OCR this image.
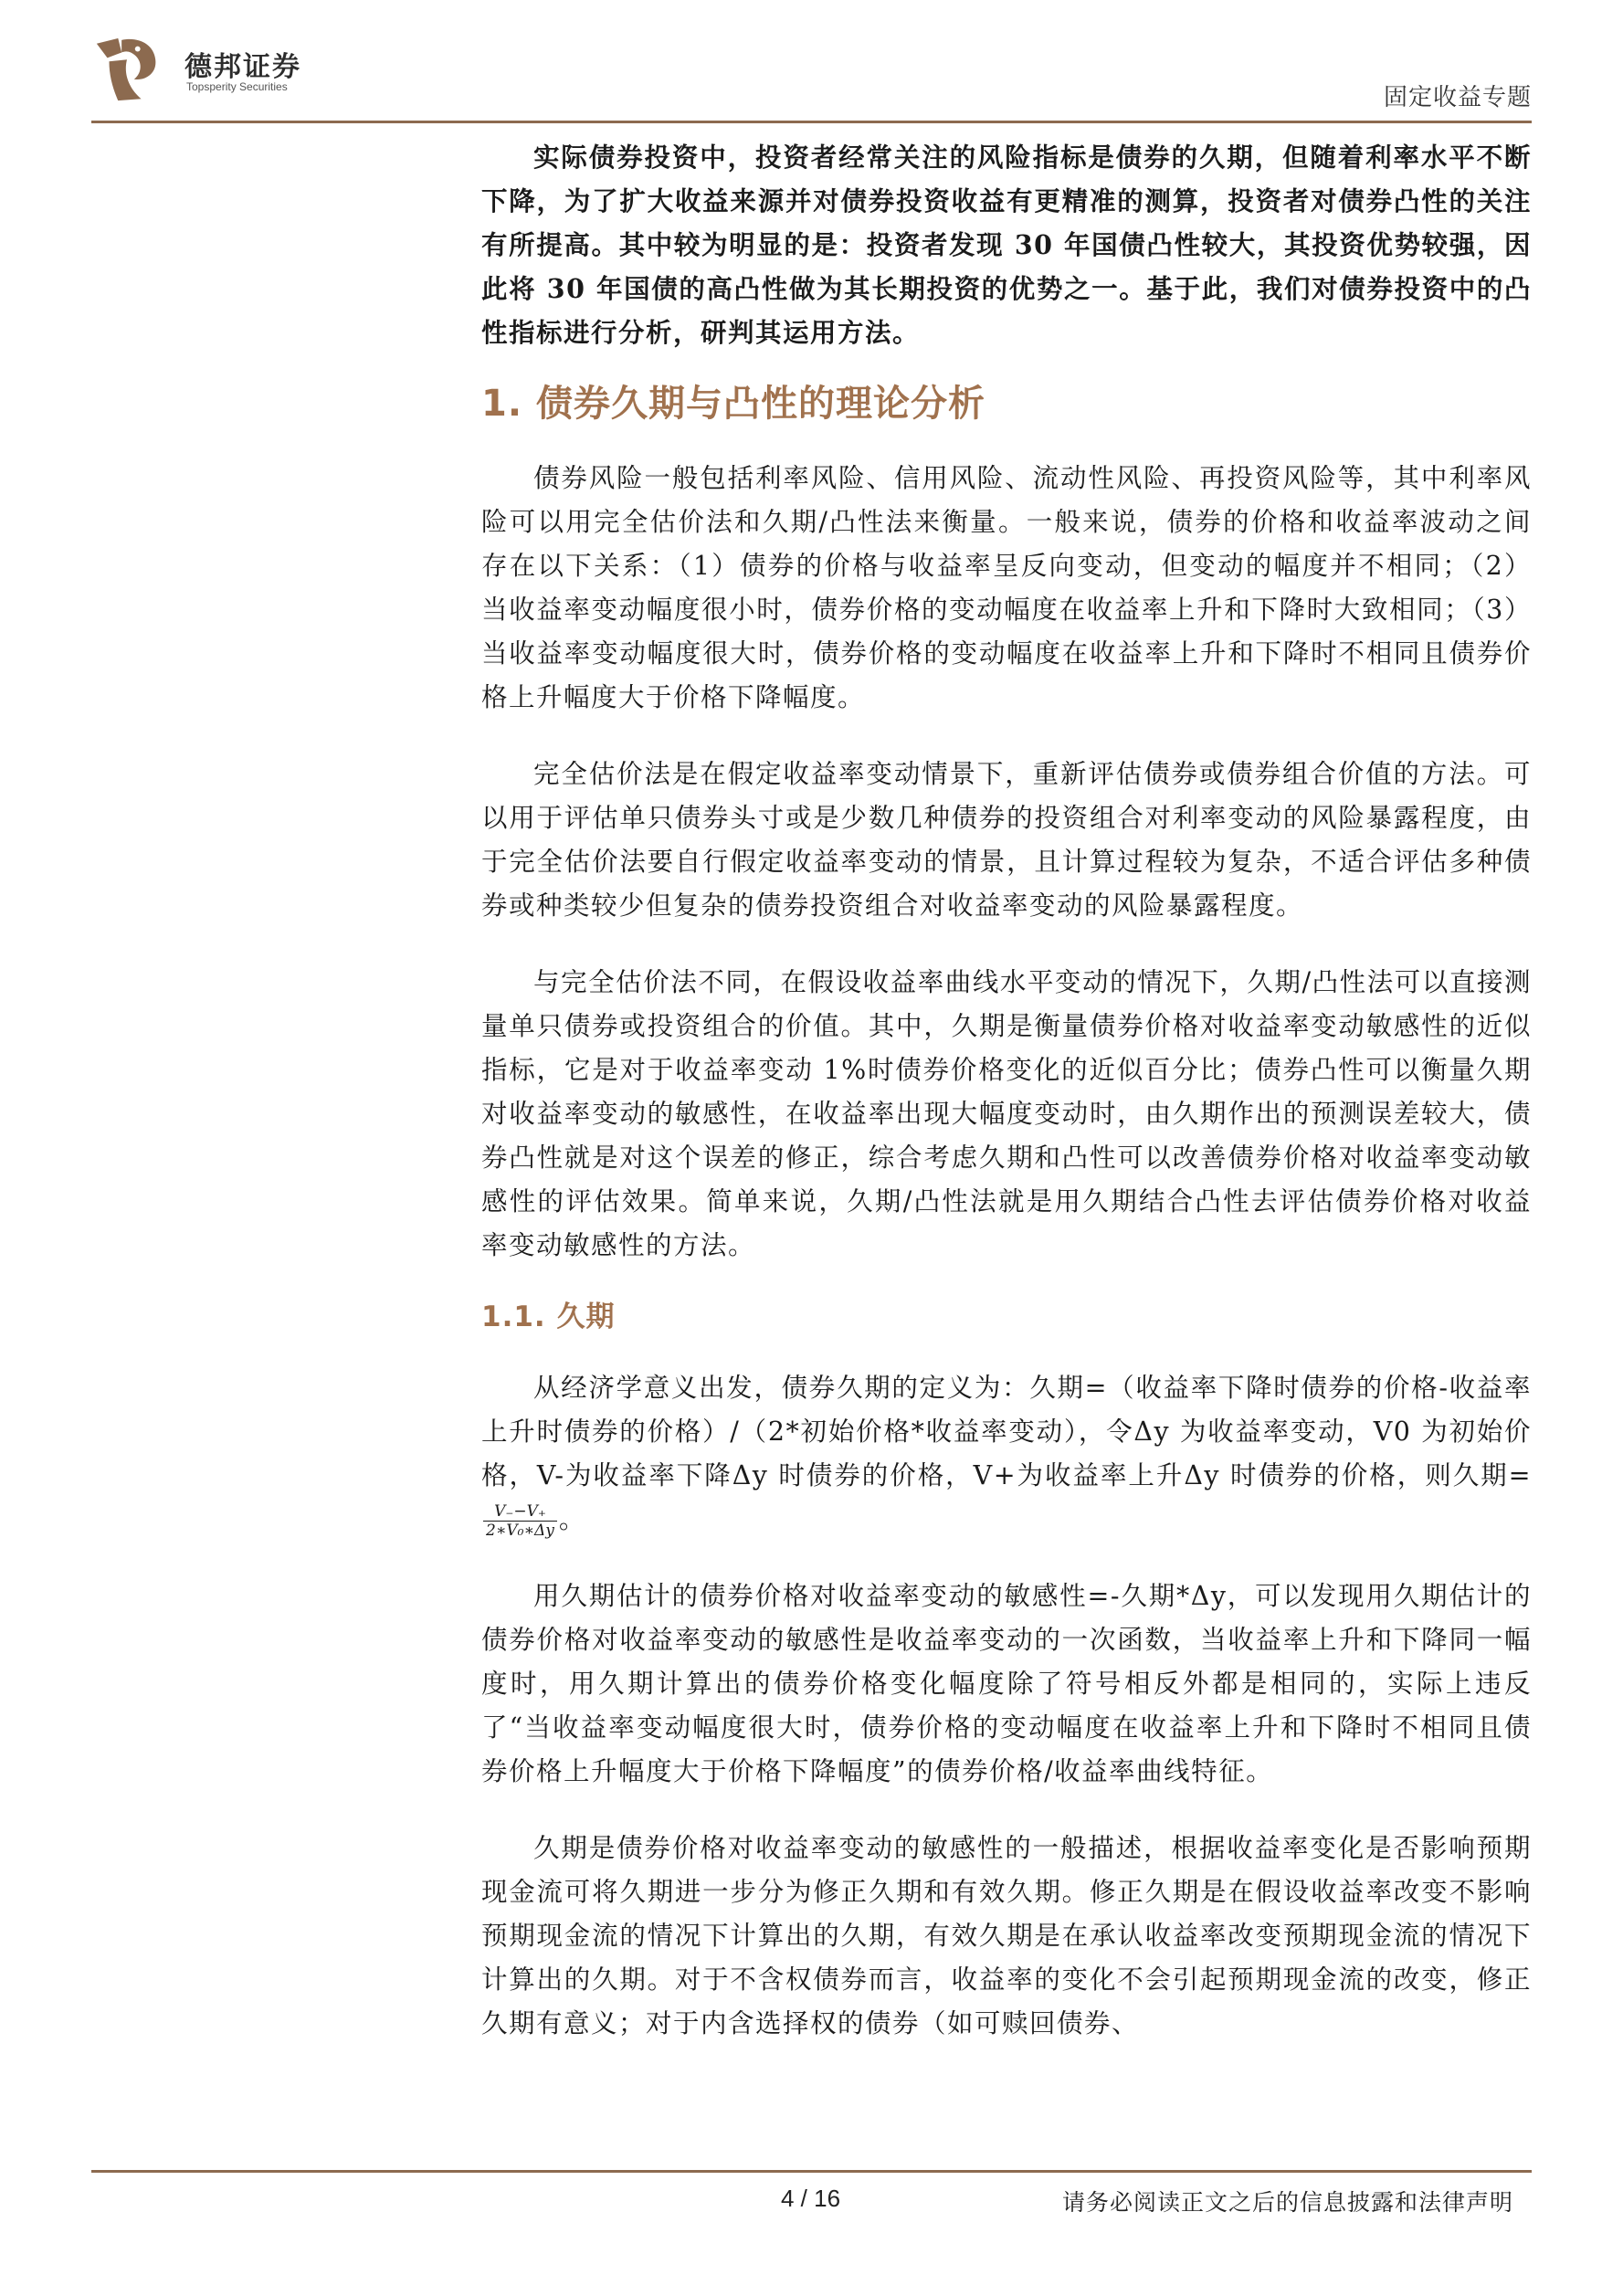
德邦证券
Topsperity Securities	固定收益专题

实际债券投资中，投资者经常关注的风险指标是债券的久期，但随着利率水平不断下降，为了扩大收益来源并对债券投资收益有更精准的测算，投资者对债券凸性的关注有所提高。其中较为明显的是：投资者发现 30 年国债凸性较大，其投资优势较强，因此将 30 年国债的高凸性做为其长期投资的优势之一。基于此，我们对债券投资中的凸性指标进行分析，研判其运用方法。

1. 债券久期与凸性的理论分析

债券风险一般包括利率风险、信用风险、流动性风险、再投资风险等，其中利率风险可以用完全估价法和久期/凸性法来衡量。一般来说，债券的价格和收益率波动之间存在以下关系：（1）债券的价格与收益率呈反向变动，但变动的幅度并不相同；（2）当收益率变动幅度很小时，债券价格的变动幅度在收益率上升和下降时大致相同；（3）当收益率变动幅度很大时，债券价格的变动幅度在收益率上升和下降时不相同且债券价格上升幅度大于价格下降幅度。

完全估价法是在假定收益率变动情景下，重新评估债券或债券组合价值的方法。可以用于评估单只债券头寸或是少数几种债券的投资组合对利率变动的风险暴露程度，由于完全估价法要自行假定收益率变动的情景，且计算过程较为复杂，不适合评估多种债券或种类较少但复杂的债券投资组合对收益率变动的风险暴露程度。

与完全估价法不同，在假设收益率曲线水平变动的情况下，久期/凸性法可以直接测量单只债券或投资组合的价值。其中，久期是衡量债券价格对收益率变动敏感性的近似指标，它是对于收益率变动 1%时债券价格变化的近似百分比；债券凸性可以衡量久期对收益率变动的敏感性，在收益率出现大幅度变动时，由久期作出的预测误差较大，债券凸性就是对这个误差的修正，综合考虑久期和凸性可以改善债券价格对收益率变动敏感性的评估效果。简单来说，久期/凸性法就是用久期结合凸性去评估债券价格对收益率变动敏感性的方法。

1.1. 久期

从经济学意义出发，债券久期的定义为：久期=（收益率下降时债券的价格-收益率上升时债券的价格）/（2*初始价格*收益率变动），令Δy 为收益率变动，V0 为初始价格，V-为收益率下降Δy 时债券的价格，V+为收益率上升Δy 时债券的价格，则久期=
$\frac{V_--V_+}{\text{2∗V₀∗Δy}}$ 。

用久期估计的债券价格对收益率变动的敏感性=-久期*Δy，可以发现用久期估计的债券价格对收益率变动的敏感性是收益率变动的一次函数，当收益率上升和下降同一幅度时，用久期计算出的债券价格变化幅度除了符号相反外都是相同的，实际上违反了“当收益率变动幅度很大时，债券价格的变动幅度在收益率上升和下降时不相同且债券价格上升幅度大于价格下降幅度”的债券价格/收益率曲线特征。

久期是债券价格对收益率变动的敏感性的一般描述，根据收益率变化是否影响预期现金流可将久期进一步分为修正久期和有效久期。修正久期是在假设收益率改变不影响预期现金流的情况下计算出的久期，有效久期是在承认收益率改变预期现金流的情况下计算出的久期。对于不含权债券而言，收益率的变化不会引起预期现金流的改变，修正久期有意义；对于内含选择权的债券（如可赎回债券、

4 / 16	请务必阅读正文之后的信息披露和法律声明
